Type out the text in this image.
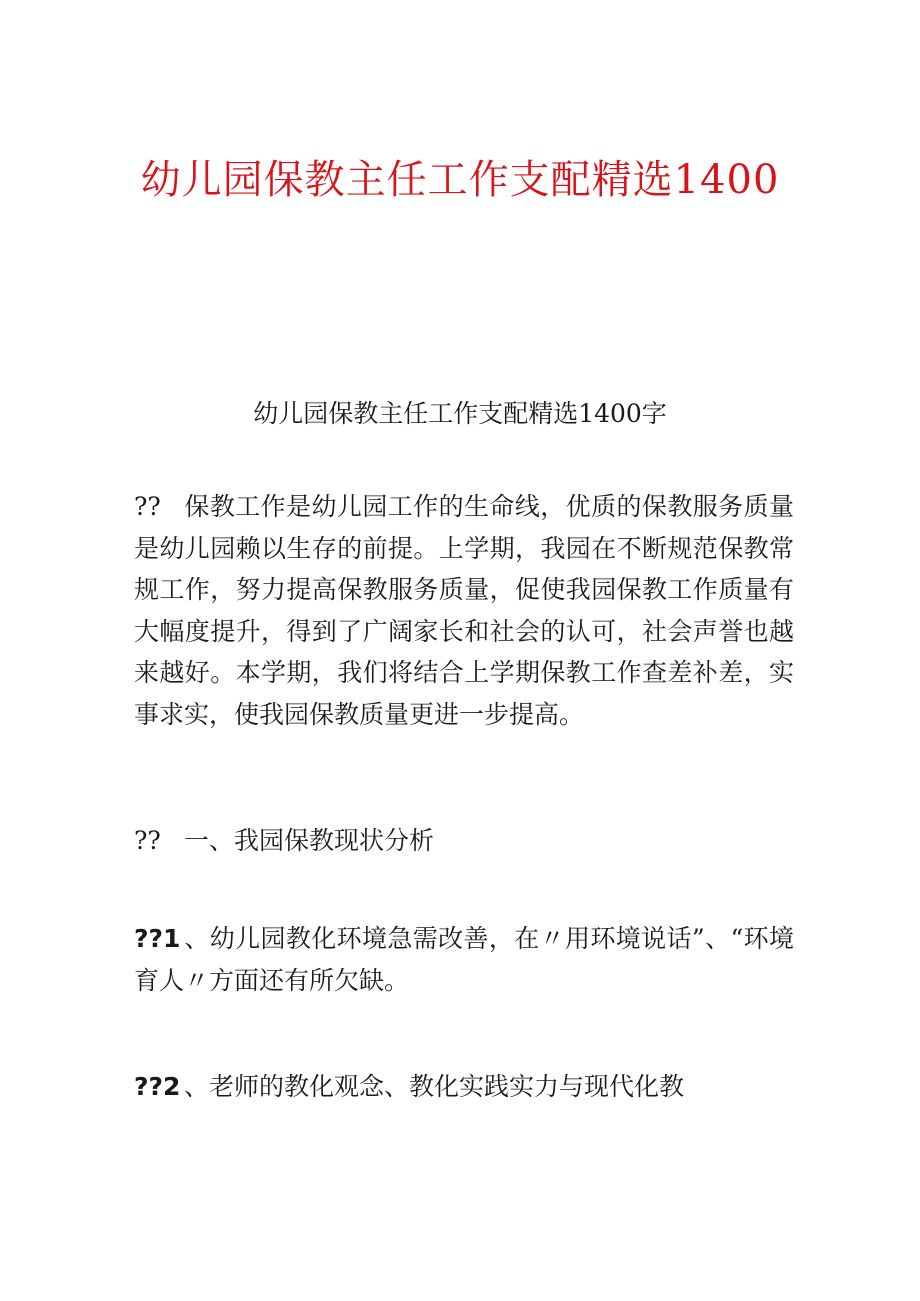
幼儿园保教主任工作支配精选1400
幼儿园保教主任工作支配精选1400字

?? 保教工作是幼儿园工作的生命线，优质的保教服务质量是幼儿园赖以生存的前提。上学期，我园在不断规范保教常规工作，努力提高保教服务质量，促使我园保教工作质量有大幅度提升，得到了广阔家长和社会的认可，社会声誉也越来越好。本学期，我们将结合上学期保教工作查差补差，实事求实，使我园保教质量更进一步提高。

?? 一、我园保教现状分析

??1 、幼儿园教化环境急需改善，在〃用环境说话”、“环境育人〃方面还有所欠缺。

??2 、老师的教化观念、教化实践实力与现代化教
